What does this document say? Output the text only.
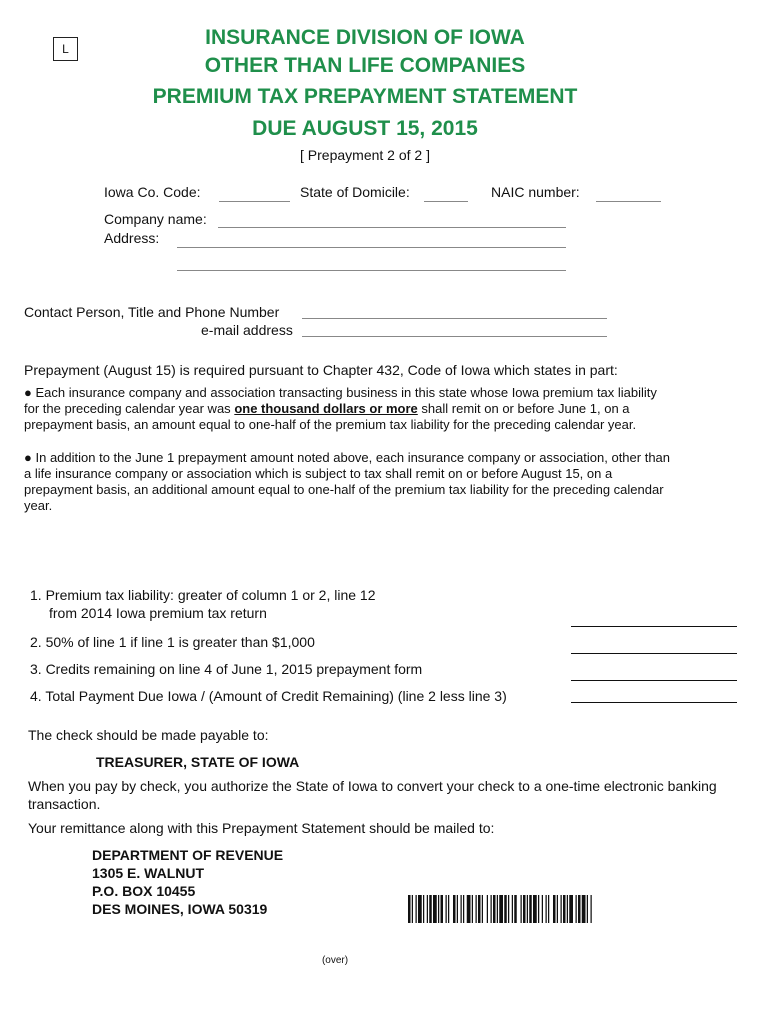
L	INSURANCE DIVISION OF IOWA
OTHER THAN LIFE COMPANIES
PREMIUM TAX PREPAYMENT STATEMENT
DUE AUGUST 15, 2015
[ Prepayment 2 of 2 ]
Iowa Co. Code:	State of Domicile:	NAIC number:
Company name:
Address:
Contact Person, Title and Phone Number
e-mail address
Prepayment (August 15) is required pursuant to Chapter 432, Code of Iowa which states in part:
● Each insurance company and association transacting business in this state whose Iowa premium tax liability for the preceding calendar year was one thousand dollars or more shall remit on or before June 1, on a prepayment basis, an amount equal to one-half of the premium tax liability for the preceding calendar year.
● In addition to the June 1 prepayment amount noted above, each insurance company or association, other than a life insurance company or association which is subject to tax shall remit on or before August 15, on a prepayment basis, an additional amount equal to one-half of the premium tax liability for the preceding calendar year.
1. Premium tax liability: greater of column 1 or 2, line 12
from 2014 Iowa premium tax return
2. 50% of line 1 if line 1 is greater than $1,000
3. Credits remaining on line 4 of June 1, 2015 prepayment form
4. Total Payment Due Iowa / (Amount of Credit Remaining) (line 2 less line 3)
The check should be made payable to:
TREASURER, STATE OF IOWA
When you pay by check, you authorize the State of Iowa to convert your check to a one-time electronic banking transaction.
Your remittance along with this Prepayment Statement should be mailed to:
DEPARTMENT OF REVENUE
1305 E. WALNUT
P.O. BOX 10455
DES MOINES, IOWA 50319
(over)
